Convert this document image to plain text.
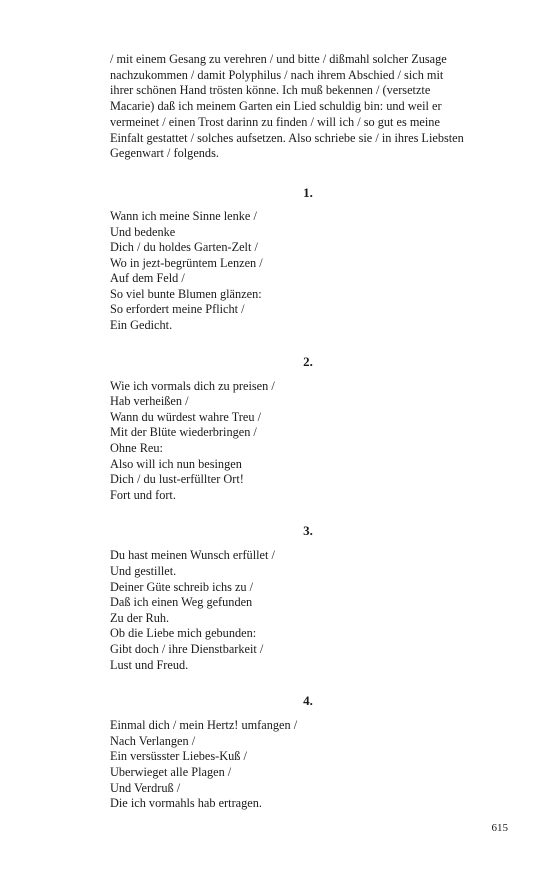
/ mit einem Gesang zu verehren / und bitte / dißmahl solcher Zusage
nachzukommen / damit Polyphilus / nach ihrem Abschied / sich mit
ihrer schönen Hand trösten könne. Ich muß bekennen / (versetzte
Macarie) daß ich meinem Garten ein Lied schuldig bin: und weil er
vermeinet / einen Trost darinn zu finden / will ich / so gut es meine
Einfalt gestattet / solches aufsetzen. Also schriebe sie / in ihres Liebsten
Gegenwart / folgends.

1.

Wann ich meine Sinne lenke /
Und bedenke
Dich / du holdes Garten-Zelt /
Wo in jezt-begrüntem Lenzen /
Auf dem Feld /
So viel bunte Blumen glänzen:
So erfordert meine Pflicht /
Ein Gedicht.

2.

Wie ich vormals dich zu preisen /
Hab verheißen /
Wann du würdest wahre Treu /
Mit der Blüte wiederbringen /
Ohne Reu:
Also will ich nun besingen
Dich / du lust-erfüllter Ort!
Fort und fort.

3.

Du hast meinen Wunsch erfüllet /
Und gestillet.
Deiner Güte schreib ichs zu /
Daß ich einen Weg gefunden
Zu der Ruh.
Ob die Liebe mich gebunden:
Gibt doch / ihre Dienstbarkeit /
Lust und Freud.

4.

Einmal dich / mein Hertz! umfangen /
Nach Verlangen /
Ein versüsster Liebes-Kuß /
Uberwieget alle Plagen /
Und Verdruß /
Die ich vormahls hab ertragen.
615
